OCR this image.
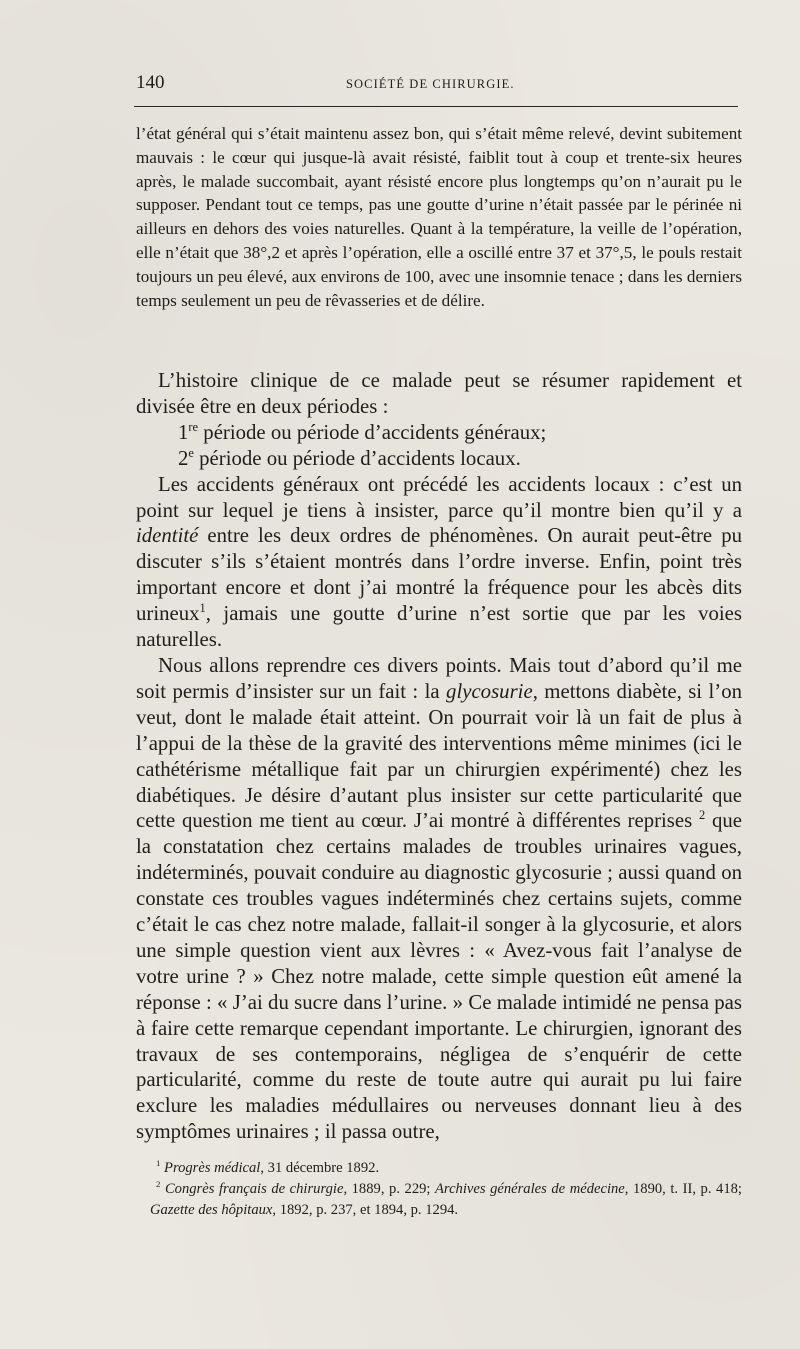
140	SOCIÉTÉ DE CHIRURGIE.

l’état général qui s’était maintenu assez bon, qui s’était même relevé, devint subitement mauvais : le cœur qui jusque-là avait résisté, faiblit tout à coup et trente-six heures après, le malade succombait, ayant résisté encore plus longtemps qu’on n’aurait pu le supposer. Pendant tout ce temps, pas une goutte d’urine n’était passée par le périnée ni ailleurs en dehors des voies naturelles. Quant à la température, la veille de l’opération, elle n’était que 38°,2 et après l’opération, elle a oscillé entre 37 et 37°,5, le pouls restait toujours un peu élevé, aux environs de 100, avec une insomnie tenace ; dans les derniers temps seulement un peu de rêvasseries et de délire.

L’histoire clinique de ce malade peut se résumer rapidement et divisée être en deux périodes :

1re période ou période d’accidents généraux;

2e période ou période d’accidents locaux.

Les accidents généraux ont précédé les accidents locaux : c’est un point sur lequel je tiens à insister, parce qu’il montre bien qu’il y a identité entre les deux ordres de phénomènes. On aurait peut-être pu discuter s’ils s’étaient montrés dans l’ordre inverse. Enfin, point très important encore et dont j’ai montré la fréquence pour les abcès dits urineux$^1$, jamais une goutte d’urine n’est sortie que par les voies naturelles.

Nous allons reprendre ces divers points. Mais tout d’abord qu’il me soit permis d’insister sur un fait : la glycosurie, mettons diabète, si l’on veut, dont le malade était atteint. On pourrait voir là un fait de plus à l’appui de la thèse de la gravité des interventions même minimes (ici le cathétérisme métallique fait par un chirurgien expérimenté) chez les diabétiques. Je désire d’autant plus insister sur cette particularité que cette question me tient au cœur. J’ai montré à différentes reprises $^2$ que la constatation chez certains malades de troubles urinaires vagues, indéterminés, pouvait conduire au diagnostic glycosurie ; aussi quand on constate ces troubles vagues indéterminés chez certains sujets, comme c’était le cas chez notre malade, fallait-il songer à la glycosurie, et alors une simple question vient aux lèvres : « Avez-vous fait l’analyse de votre urine ? » Chez notre malade, cette simple question eût amené la réponse : « J’ai du sucre dans l’urine. » Ce malade intimidé ne pensa pas à faire cette remarque cependant importante. Le chirurgien, ignorant des travaux de ses contemporains, négligea de s’enquérir de cette particularité, comme du reste de toute autre qui aurait pu lui faire exclure les maladies médullaires ou nerveuses donnant lieu à des symptômes urinaires ; il passa outre,

$^1$ Progrès médical, 31 décembre 1892.

$^2$ Congrès français de chirurgie, 1889, p. 229; Archives générales de médecine, 1890, t. II, p. 418; Gazette des hôpitaux, 1892, p. 237, et 1894, p. 1294.
